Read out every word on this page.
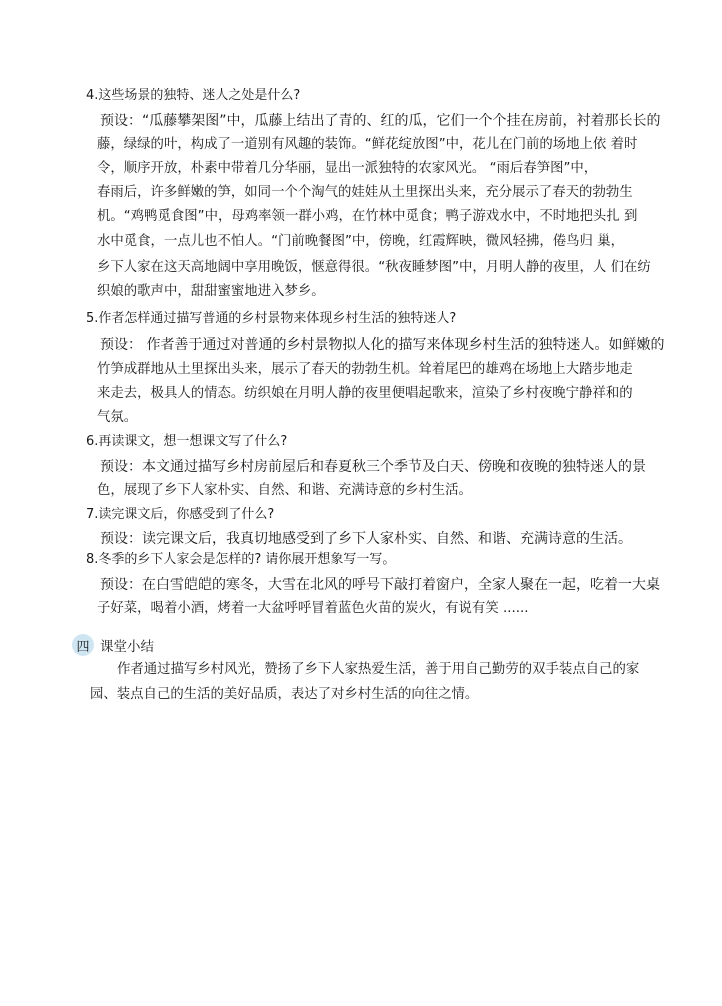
4.这些场景的独特、迷人之处是什么?
预设：“瓜藤攀架图”中，瓜藤上结出了青的、红的瓜，它们一个个挂在房前，衬着那长长的
藤，绿绿的叶，构成了一道别有风趣的装饰。“鲜花绽放图”中，花儿在门前的场地上依 着时
令，顺序开放，朴素中带着几分华丽，显出一派独特的农家风光。 “雨后春笋图”中，
春雨后，许多鲜嫩的笋，如同一个个淘气的娃娃从土里探出头来，充分展示了春天的勃勃生
机。“鸡鸭觅食图”中，母鸡率领一群小鸡，在竹林中觅食；鸭子游戏水中，不时地把头扎 到
水中觅食，一点儿也不怕人。“门前晚餐图”中，傍晚，红霞辉映，微风轻拂，倦鸟归 巢，
乡下人家在这天高地阔中享用晚饭，惬意得很。“秋夜睡梦图”中，月明人静的夜里，人 们在纺
织娘的歌声中，甜甜蜜蜜地进入梦乡。
5.作者怎样通过描写普通的乡村景物来体现乡村生活的独特迷人?
预设： 作者善于通过对普通的乡村景物拟人化的描写来体现乡村生活的独特迷人。如鲜嫩的
竹笋成群地从土里探出头来，展示了春天的勃勃生机。耸着尾巴的雄鸡在场地上大踏步地走
来走去，极具人的情态。纺织娘在月明人静的夜里便唱起歌来，渲染了乡村夜晚宁静祥和的
气氛。
6.再读课文，想一想课文写了什么?
预设：本文通过描写乡村房前屋后和春夏秋三个季节及白天、傍晚和夜晚的独特迷人的景
色，展现了乡下人家朴实、自然、和谐、充满诗意的乡村生活。
7.读完课文后，你感受到了什么?
预设：读完课文后，我真切地感受到了乡下人家朴实、自然、和谐、充满诗意的生活。
8.冬季的乡下人家会是怎样的? 请你展开想象写一写。
预设：在白雪皑皑的寒冬，大雪在北风的呼号下敲打着窗户，全家人聚在一起，吃着一大桌
子好菜，喝着小酒，烤着一大盆呼呼冒着蓝色火苗的炭火，有说有笑 ......
四 课堂小结
作者通过描写乡村风光，赞扬了乡下人家热爱生活，善于用自己勤劳的双手装点自己的家
园、装点自己的生活的美好品质，表达了对乡村生活的向往之情。
